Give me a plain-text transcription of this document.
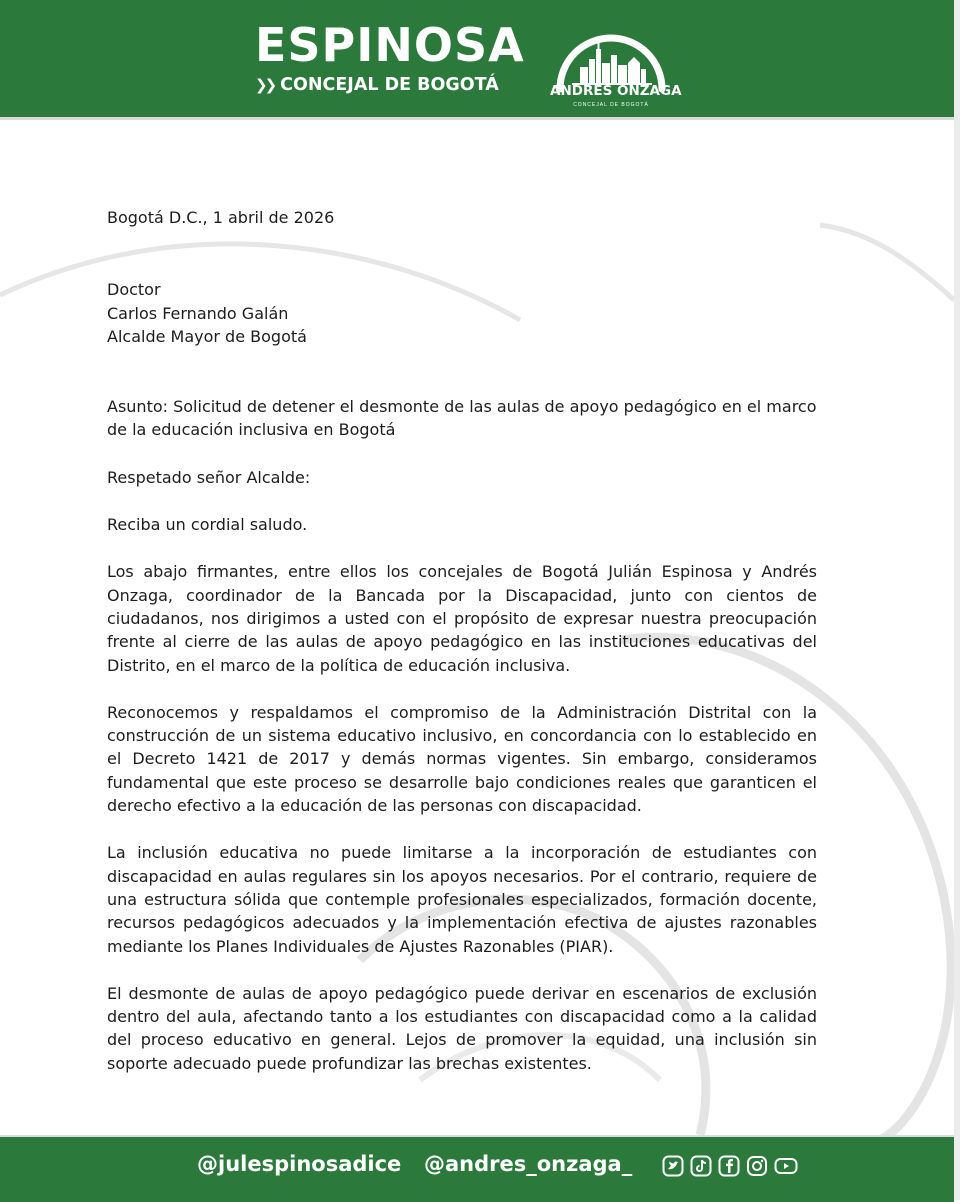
ESPINOSA
❯❯ CONCEJAL DE BOGOTÁ	ANDRÉS ONZAGA
CONCEJAL DE BOGOTÁ

Bogotá D.C., 1 abril de 2026

Doctor

Carlos Fernando Galán

Alcalde Mayor de Bogotá

Asunto: Solicitud de detener el desmonte de las aulas de apoyo pedagógico en el marco de la educación inclusiva en Bogotá

Respetado señor Alcalde:

Reciba un cordial saludo.

Los abajo firmantes, entre ellos los concejales de Bogotá Julián Espinosa y Andrés Onzaga, coordinador de la Bancada por la Discapacidad, junto con cientos de ciudadanos, nos dirigimos a usted con el propósito de expresar nuestra preocupación frente al cierre de las aulas de apoyo pedagógico en las instituciones educativas del Distrito, en el marco de la política de educación inclusiva.

Reconocemos y respaldamos el compromiso de la Administración Distrital con la construcción de un sistema educativo inclusivo, en concordancia con lo establecido en el Decreto 1421 de 2017 y demás normas vigentes. Sin embargo, consideramos fundamental que este proceso se desarrolle bajo condiciones reales que garanticen el derecho efectivo a la educación de las personas con discapacidad.

La inclusión educativa no puede limitarse a la incorporación de estudiantes con discapacidad en aulas regulares sin los apoyos necesarios. Por el contrario, requiere de una estructura sólida que contemple profesionales especializados, formación docente, recursos pedagógicos adecuados y la implementación efectiva de ajustes razonables mediante los Planes Individuales de Ajustes Razonables (PIAR).

El desmonte de aulas de apoyo pedagógico puede derivar en escenarios de exclusión dentro del aula, afectando tanto a los estudiantes con discapacidad como a la calidad del proceso educativo en general. Lejos de promover la equidad, una inclusión sin soporte adecuado puede profundizar las brechas existentes.

@julespinosadice @andres_onzaga_
